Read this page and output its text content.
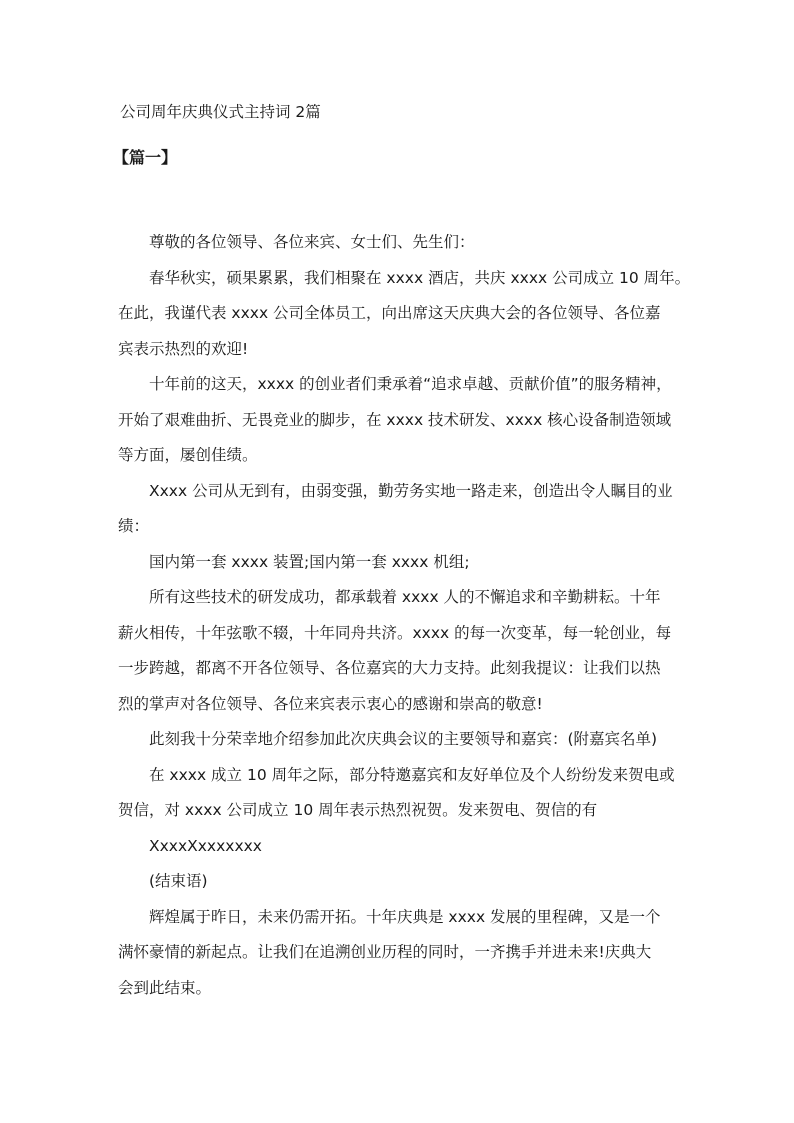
公司周年庆典仪式主持词 2篇
【篇一】

尊敬的各位领导、各位来宾、女士们、先生们：

春华秋实，硕果累累，我们相聚在 xxxx 酒店，共庆 xxxx 公司成立 10 周年。
在此，我谨代表 xxxx 公司全体员工，向出席这天庆典大会的各位领导、各位嘉
宾表示热烈的欢迎!

十年前的这天，xxxx 的创业者们秉承着“追求卓越、贡献价值”的服务精神，
开始了艰难曲折、无畏竞业的脚步，在 xxxx 技术研发、xxxx 核心设备制造领域
等方面，屡创佳绩。

Xxxx 公司从无到有，由弱变强，勤劳务实地一路走来，创造出令人瞩目的业
绩：

国内第一套 xxxx 装置;国内第一套 xxxx 机组;

所有这些技术的研发成功，都承载着 xxxx 人的不懈追求和辛勤耕耘。十年
薪火相传，十年弦歌不辍，十年同舟共济。xxxx 的每一次变革，每一轮创业，每
一步跨越，都离不开各位领导、各位嘉宾的大力支持。此刻我提议：让我们以热
烈的掌声对各位领导、各位来宾表示衷心的感谢和崇高的敬意!

此刻我十分荣幸地介绍参加此次庆典会议的主要领导和嘉宾：(附嘉宾名单)

在 xxxx 成立 10 周年之际，部分特邀嘉宾和友好单位及个人纷纷发来贺电或
贺信，对 xxxx 公司成立 10 周年表示热烈祝贺。发来贺电、贺信的有

XxxxXxxxxxxx

(结束语)

辉煌属于昨日，未来仍需开拓。十年庆典是 xxxx 发展的里程碑，又是一个
满怀豪情的新起点。让我们在追溯创业历程的同时，一齐携手并进未来!庆典大
会到此结束。
